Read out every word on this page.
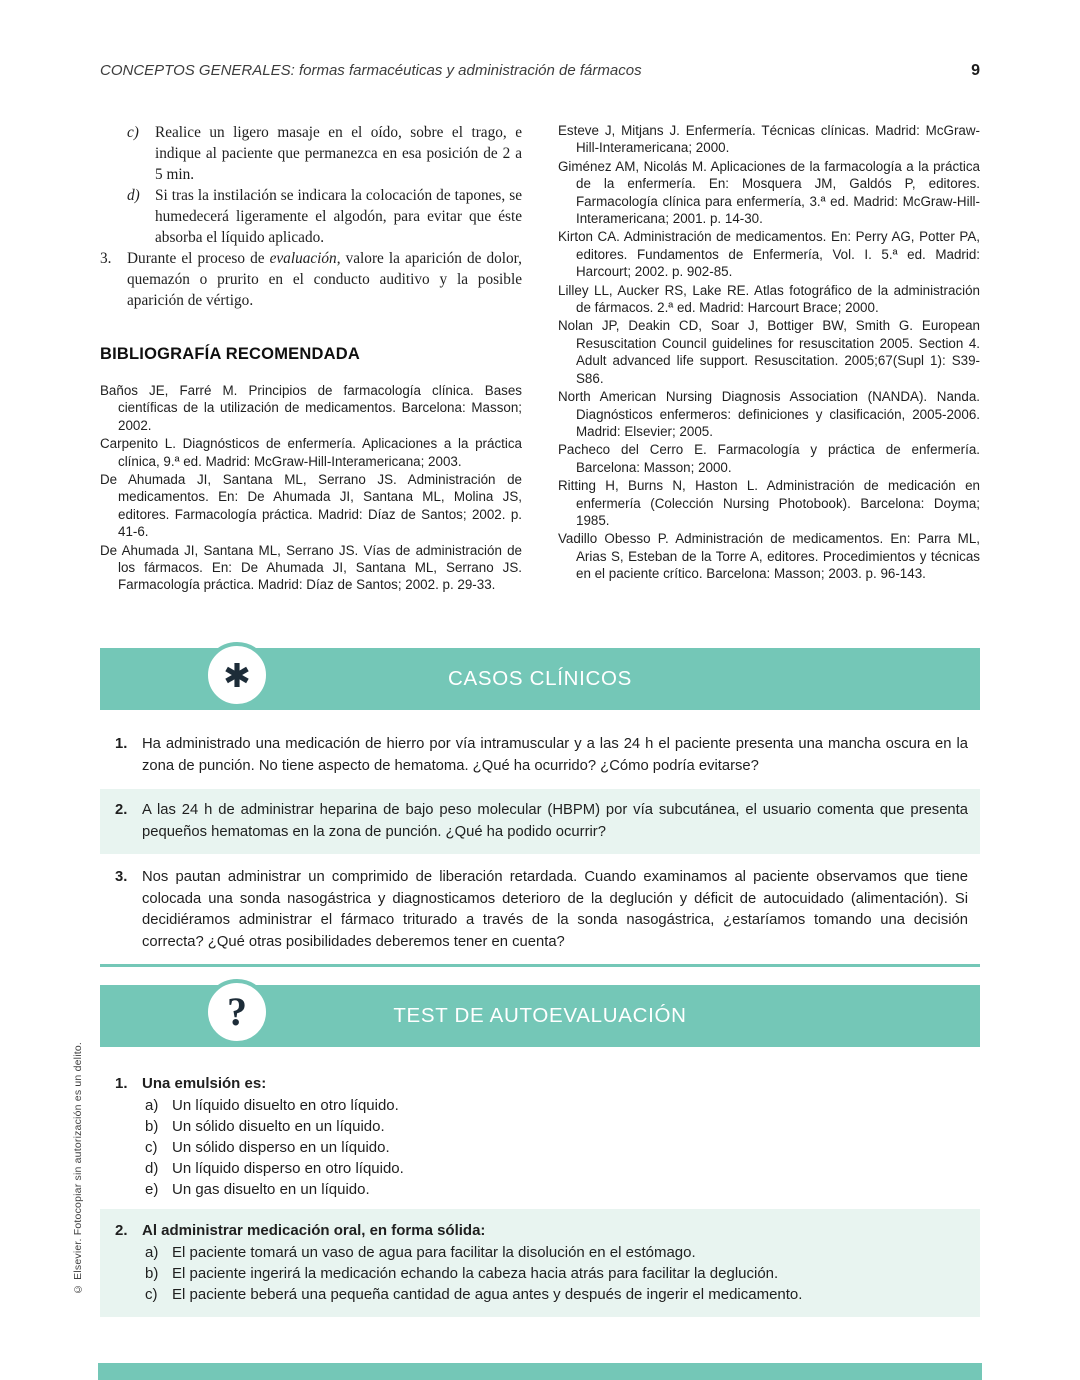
© Elsevier. Fotocopiar sin autorización es un delito.
CONCEPTOS GENERALES: formas farmacéuticas y administración de fármacos	9
c)	Realice un ligero masaje en el oído, sobre el trago, e indique al paciente que permanezca en esa posición de 2 a 5 min.

d) Si tras la instilación se indicara la colocación de tapones, se humedecerá ligeramente el algodón, para evitar que éste absorba el líquido aplicado.

3.	Durante el proceso de evaluación, valore la aparición de dolor, quemazón o prurito en el conducto auditivo y la posible aparición de vértigo.

BIBLIOGRAFÍA RECOMENDADA

Baños JE, Farré M. Principios de farmacología clínica. Bases científicas de la utilización de medicamentos. Barcelona: Masson; 2002.

Carpenito L. Diagnósticos de enfermería. Aplicaciones a la práctica clínica, 9.ª ed. Madrid: McGraw-Hill-Interamericana; 2003.

De Ahumada JI, Santana ML, Serrano JS. Administración de medicamentos. En: De Ahumada JI, Santana ML, Molina JS, editores. Farmacología práctica. Madrid: Díaz de Santos; 2002. p. 41-6.

De Ahumada JI, Santana ML, Serrano JS. Vías de administración de los fármacos. En: De Ahumada JI, Santana ML, Serrano JS. Farmacología práctica. Madrid: Díaz de Santos; 2002. p. 29-33.

Esteve J, Mitjans J. Enfermería. Técnicas clínicas. Madrid: McGraw-Hill-Interamericana; 2000.

Giménez AM, Nicolás M. Aplicaciones de la farmacología a la práctica de la enfermería. En: Mosquera JM, Galdós P, editores. Farmacología clínica para enfermería, 3.ª ed. Madrid: McGraw-Hill-Interamericana; 2001. p. 14-30.

Kirton CA. Administración de medicamentos. En: Perry AG, Potter PA, editores. Fundamentos de Enfermería, Vol. I. 5.ª ed. Madrid: Harcourt; 2002. p. 902-85.

Lilley LL, Aucker RS, Lake RE. Atlas fotográfico de la administración de fármacos. 2.ª ed. Madrid: Harcourt Brace; 2000.

Nolan JP, Deakin CD, Soar J, Bottiger BW, Smith G. European Resuscitation Council guidelines for resuscitation 2005. Section 4. Adult advanced life support. Resuscitation. 2005;67(Supl 1): S39-S86.

North American Nursing Diagnosis Association (NANDA). Nanda. Diagnósticos enfermeros: definiciones y clasificación, 2005-2006. Madrid: Elsevier; 2005.

Pacheco del Cerro E. Farmacología y práctica de enfermería. Barcelona: Masson; 2000.

Ritting H, Burns N, Haston L. Administración de medicación en enfermería (Colección Nursing Photobook). Barcelona: Doyma; 1985.

Vadillo Obesso P. Administración de medicamentos. En: Parra ML, Arias S, Esteban de la Torre A, editores. Procedimientos y técnicas en el paciente crítico. Barcelona: Masson; 2003. p. 96-143.

✱	CASOS CLÍNICOS
1. Ha administrado una medicación de hierro por vía intramuscular y a las 24 h el paciente presenta una mancha oscura en la zona de punción. No tiene aspecto de hematoma. ¿Qué ha ocurrido? ¿Cómo podría evitarse?

2. A las 24 h de administrar heparina de bajo peso molecular (HBPM) por vía subcutánea, el usuario comenta que presenta pequeños hematomas en la zona de punción. ¿Qué ha podido ocurrir?

3. Nos pautan administrar un comprimido de liberación retardada. Cuando examinamos al paciente observamos que tiene colocada una sonda nasogástrica y diagnosticamos deterioro de la deglución y déficit de autocuidado (alimentación). Si decidiéramos administrar el fármaco triturado a través de la sonda nasogástrica, ¿estaríamos tomando una decisión correcta? ¿Qué otras posibilidades deberemos tener en cuenta?

?	TEST DE AUTOEVALUACIÓN
1. Una emulsión es:

a) Un líquido disuelto en otro líquido.

b) Un sólido disuelto en un líquido.

c) Un sólido disperso en un líquido.

d) Un líquido disperso en otro líquido.

e) Un gas disuelto en un líquido.

2. Al administrar medicación oral, en forma sólida:

a) El paciente tomará un vaso de agua para facilitar la disolución en el estómago.

b) El paciente ingerirá la medicación echando la cabeza hacia atrás para facilitar la deglución.

c) El paciente beberá una pequeña cantidad de agua antes y después de ingerir el medicamento.
